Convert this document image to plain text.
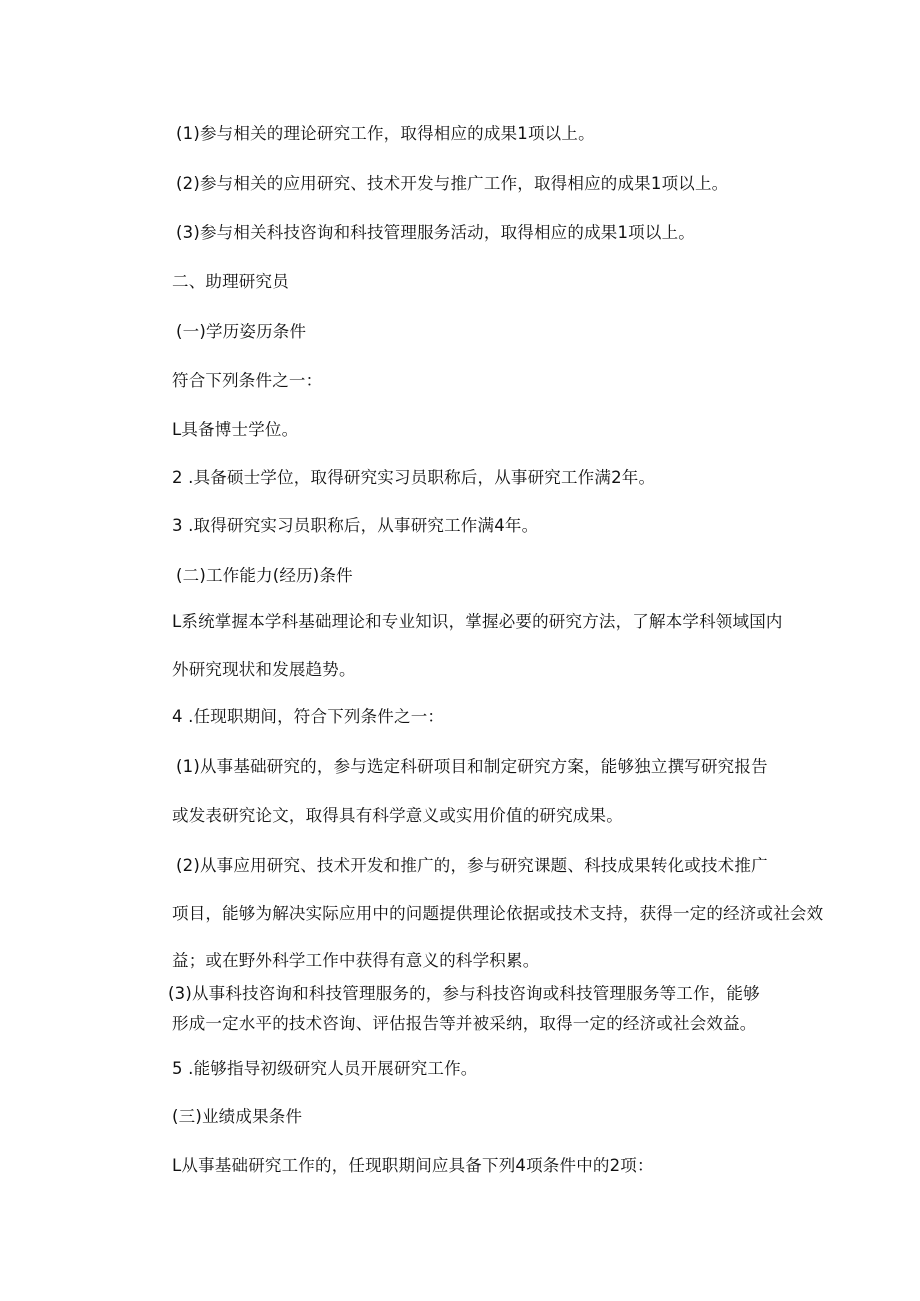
(1)参与相关的理论研究工作，取得相应的成果1项以上。
(2)参与相关的应用研究、技术开发与推广工作，取得相应的成果1项以上。
(3)参与相关科技咨询和科技管理服务活动，取得相应的成果1项以上。
二、助理研究员
(一)学历姿历条件
符合下列条件之一：
L具备博士学位。
2 .具备硕士学位，取得研究实习员职称后，从事研究工作满2年。
3 .取得研究实习员职称后，从事研究工作满4年。
(二)工作能力(经历)条件
L系统掌握本学科基础理论和专业知识，掌握必要的研究方法，了解本学科领域国内
外研究现状和发展趋势。
4 .任现职期间，符合下列条件之一：
(1)从事基础研究的，参与选定科研项目和制定研究方案，能够独立撰写研究报告
或发表研究论文，取得具有科学意义或实用价值的研究成果。
(2)从事应用研究、技术开发和推广的，参与研究课题、科技成果转化或技术推广
项目，能够为解决实际应用中的问题提供理论依据或技术支持，获得一定的经济或社会效
益；或在野外科学工作中获得有意义的科学积累。
(3)从事科技咨询和科技管理服务的，参与科技咨询或科技管理服务等工作，能够
形成一定水平的技术咨询、评估报告等并被采纳，取得一定的经济或社会效益。
5 .能够指导初级研究人员开展研究工作。
(三)业绩成果条件
L从事基础研究工作的，任现职期间应具备下列4项条件中的2项：
